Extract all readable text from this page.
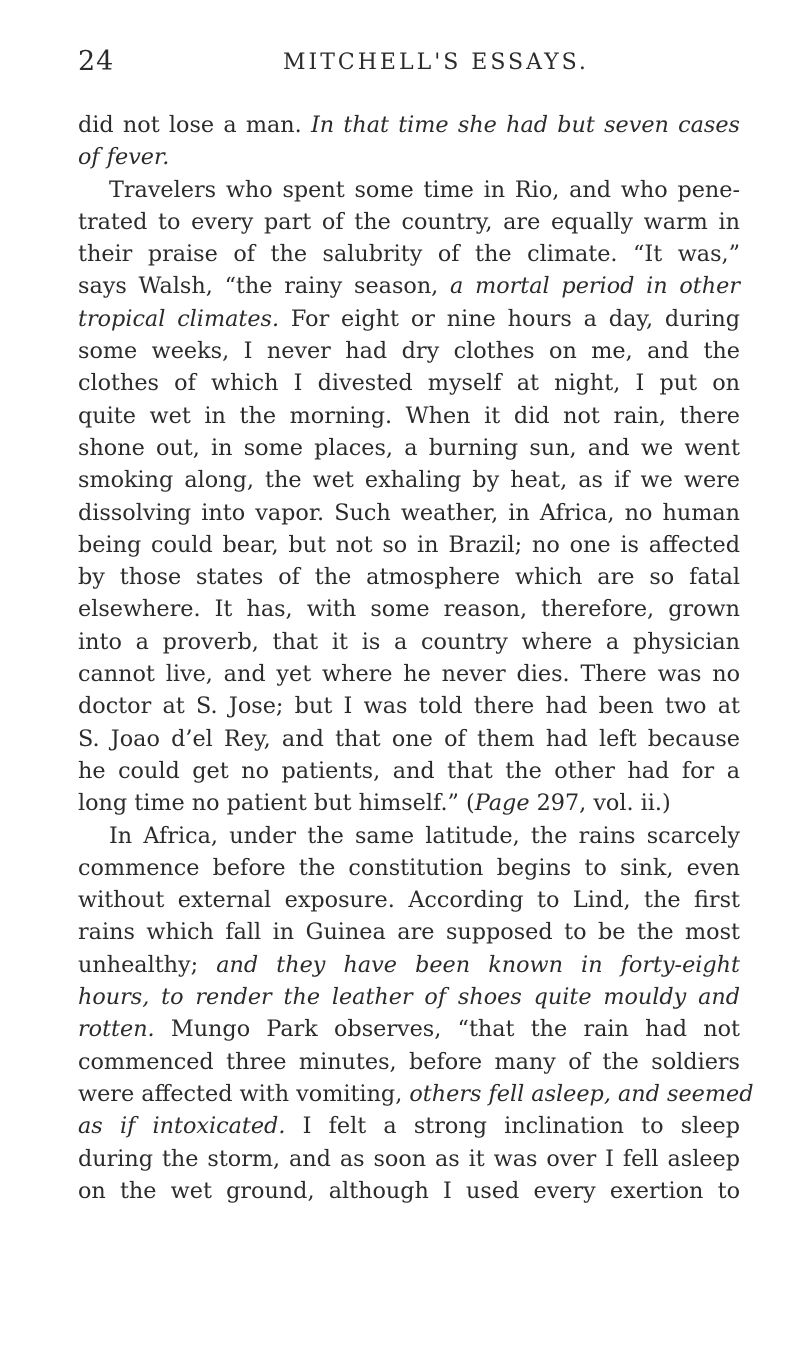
24	MITCHELL'S ESSAYS.
did not lose a man. In that time she had but seven cases
of fever.
Travelers who spent some time in Rio, and who pene-
trated to every part of the country, are equally warm in
their praise of the salubrity of the climate. “It was,”
says Walsh, “the rainy season, a mortal period in other
tropical climates. For eight or nine hours a day, during
some weeks, I never had dry clothes on me, and the
clothes of which I divested myself at night, I put on
quite wet in the morning. When it did not rain, there
shone out, in some places, a burning sun, and we went
smoking along, the wet exhaling by heat, as if we were
dissolving into vapor. Such weather, in Africa, no human
being could bear, but not so in Brazil; no one is affected
by those states of the atmosphere which are so fatal
elsewhere. It has, with some reason, therefore, grown
into a proverb, that it is a country where a physician
cannot live, and yet where he never dies. There was no
doctor at S. Jose; but I was told there had been two at
S. Joao d’el Rey, and that one of them had left because
he could get no patients, and that the other had for a
long time no patient but himself.” (Page 297, vol. ii.)
In Africa, under the same latitude, the rains scarcely
commence before the constitution begins to sink, even
without external exposure. According to Lind, the first
rains which fall in Guinea are supposed to be the most
unhealthy; and they have been known in forty-eight
hours, to render the leather of shoes quite mouldy and
rotten. Mungo Park observes, “that the rain had not
commenced three minutes, before many of the soldiers
were affected with vomiting, others fell asleep, and seemed
as if intoxicated. I felt a strong inclination to sleep
during the storm, and as soon as it was over I fell asleep
on the wet ground, although I used every exertion to
